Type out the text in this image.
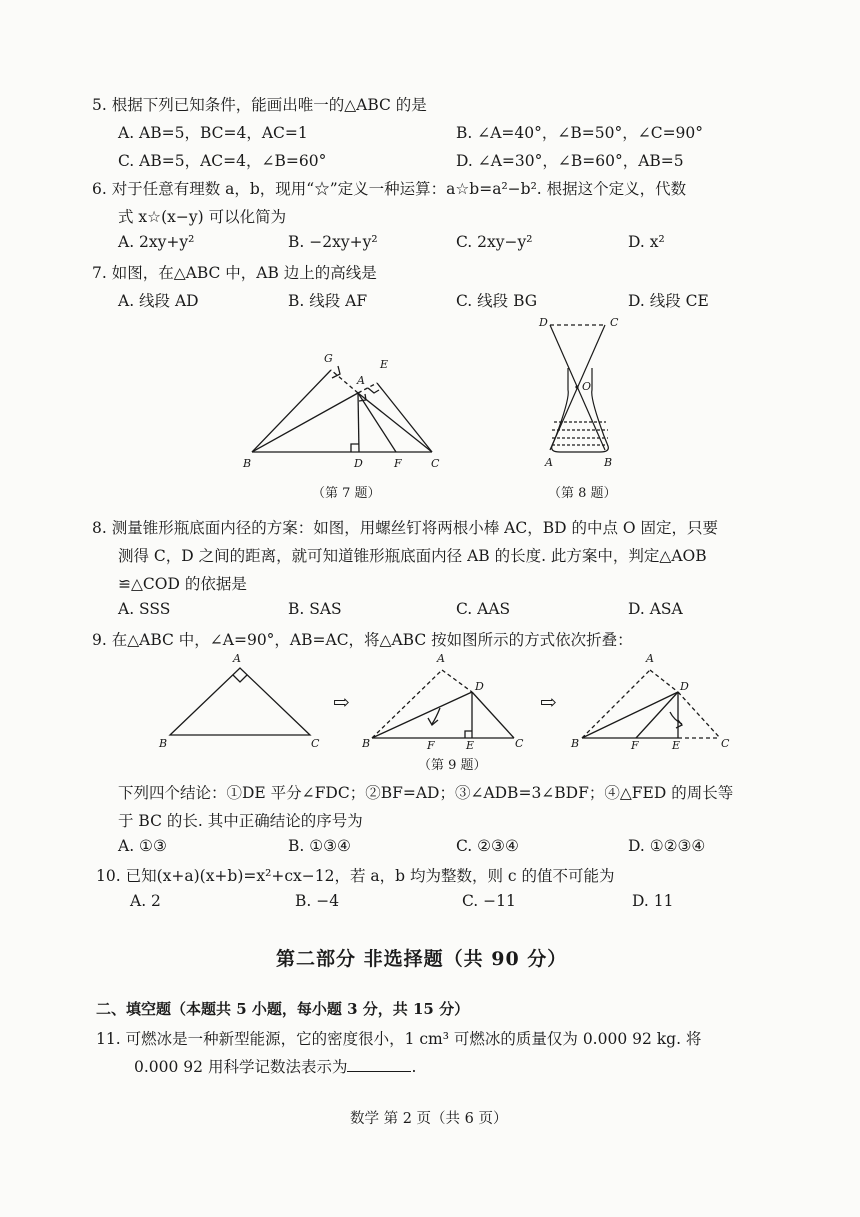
5. 根据下列已知条件，能画出唯一的△ABC 的是
A. AB=5，BC=4，AC=1	B. ∠A=40°，∠B=50°，∠C=90°
C. AB=5，AC=4，∠B=60°	D. ∠A=30°，∠B=60°，AB=5
6. 对于任意有理数 a，b，现用“☆”定义一种运算：a☆b=a²−b². 根据这个定义，代数
式 x☆(x−y) 可以化简为
A. 2xy+y²	B. −2xy+y²	C. 2xy−y²	D. x²
7. 如图，在△ABC 中，AB 边上的高线是
A. 线段 AD	B. 线段 AF	C. 线段 BG	D. 线段 CE
G	E
A
B	D	F	C
（第 7 题）
D	C
O
A	B
（第 8 题）
8. 测量锥形瓶底面内径的方案：如图，用螺丝钉将两根小棒 AC，BD 的中点 O 固定，只要
测得 C，D 之间的距离，就可知道锥形瓶底面内径 AB 的长度. 此方案中，判定△AOB
≌△COD 的依据是
A. SSS	B. SAS	C. AAS	D. ASA
9. 在△ABC 中，∠A=90°，AB=AC，将△ABC 按如图所示的方式依次折叠：
A
B	C
⇨
A
D
B	F	E	C
⇨
A
D
B	F	E	C
（第 9 题）
下列四个结论：①DE 平分∠FDC；②BF=AD；③∠ADB=3∠BDF；④△FED 的周长等
于 BC 的长. 其中正确结论的序号为
A. ①③	B. ①③④	C. ②③④	D. ①②③④
10. 已知(x+a)(x+b)=x²+cx−12，若 a，b 均为整数，则 c 的值不可能为
A. 2	B. −4	C. −11	D. 11
第二部分 非选择题（共 90 分）
二、填空题（本题共 5 小题，每小题 3 分，共 15 分）
11. 可燃冰是一种新型能源，它的密度很小，1 cm³ 可燃冰的质量仅为 0.000 92 kg. 将
0.000 92 用科学记数法表示为	.
数学 第 2 页（共 6 页）
